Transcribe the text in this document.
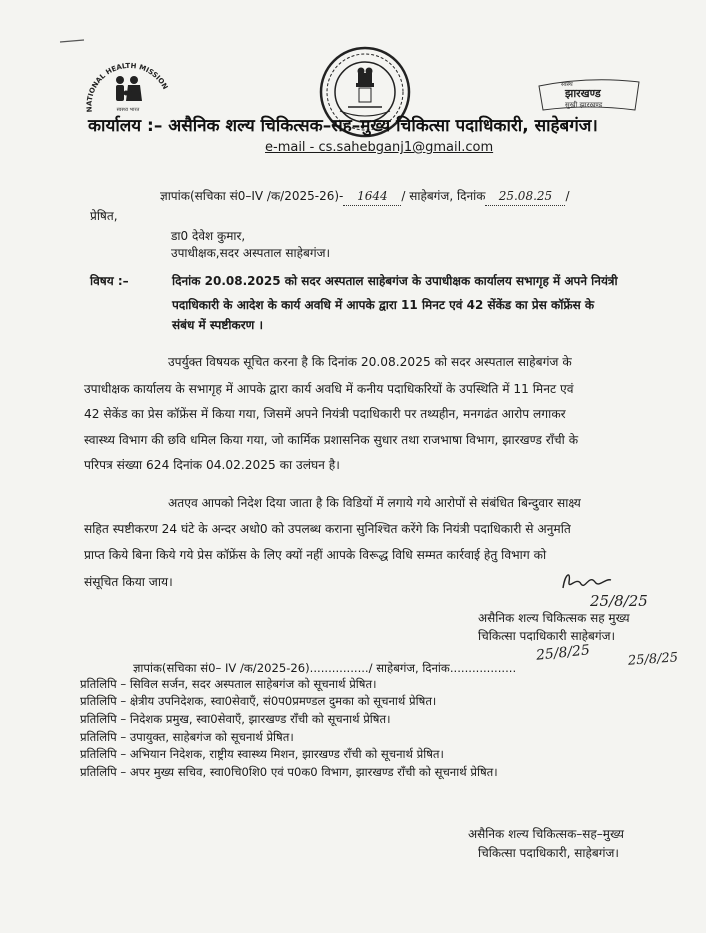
NATIONAL HEALTH MISSION
स्वस्थ्य भारत
स्वस्थ
झारखण्ड
सुखी झारखण्ड
कार्यालय :– असैनिक शल्य चिकित्सक–सह–मुख्य चिकित्सा पदाधिकारी, साहेबगंज।
e-mail - cs.sahebganj1@gmail.com
ज्ञापांक(सचिका सं0–IV /क/2025-26)- 1644 / साहेबगंज, दिनांक 25.08.25 /
प्रेषित,
डा0 देवेश कुमार,
उपाधीक्षक,सदर अस्पताल साहेबगंज।
विषय :–	दिनांक 20.08.2025 को सदर अस्पताल साहेबगंज के उपाधीक्षक कार्यालय सभागृह में अपने नियंत्री
पदाधिकारी के आदेश के कार्य अवधि में आपके द्वारा 11 मिनट एवं 42 सेंकेंड का प्रेस कॉफ्रेंस के
संबंध में स्पष्टीकरण ।
उपर्युक्त विषयक सूचित करना है कि दिनांक 20.08.2025 को सदर अस्पताल साहेबगंज के
उपाधीक्षक कार्यालय के सभागृह में आपके द्वारा कार्य अवधि में कनीय पदाधिकरियों के उपस्थिति में 11 मिनट एवं
42 सेकेंड का प्रेस कॉफ्रेंस में किया गया, जिसमें अपने नियंत्री पदाधिकारी पर तथ्यहीन, मनगढंत आरोप लगाकर
स्वास्थ्य विभाग की छवि धमिल किया गया, जो कार्मिक प्रशासनिक सुधार तथा राजभाषा विभाग, झारखण्ड राँची के
परिपत्र संख्या 624 दिनांक 04.02.2025 का उलंघन है।
अतएव आपको निदेश दिया जाता है कि विडियों में लगाये गये आरोपों से संबंधित बिन्दुवार साक्ष्य
सहित स्पष्टीकरण 24 घंटे के अन्दर अधो0 को उपलब्ध कराना सुनिश्चित करेंगे कि नियंत्री पदाधिकारी से अनुमति
प्राप्त किये बिना किये गये प्रेस कॉफ्रेंस के लिए क्यों नहीं आपके विरूद्ध विधि सम्मत कार्रवाई हेतु विभाग को
संसूचित किया जाय।
25/8/25
असैनिक शल्य चिकित्सक सह मुख्य
चिकित्सा पदाधिकारी साहेबगंज।
25/8/25	25/8/25
ज्ञापांक(सचिका सं0– IV /क/2025-26)................/ साहेबगंज, दिनांक..................
प्रतिलिपि – सिविल सर्जन, सदर अस्पताल साहेबगंज को सूचनार्थ प्रेषित।
प्रतिलिपि – क्षेत्रीय उपनिदेशक, स्वा0सेवाएँ, सं0प0प्रमण्डल दुमका को सूचनार्थ प्रेषित।
प्रतिलिपि – निदेशक प्रमुख, स्वा0सेवाएँ, झारखण्ड राँची को सूचनार्थ प्रेषित।
प्रतिलिपि – उपायुक्त, साहेबगंज को सूचनार्थ प्रेषित।
प्रतिलिपि – अभियान निदेशक, राष्ट्रीय स्वास्थ्य मिशन, झारखण्ड राँची को सूचनार्थ प्रेषित।
प्रतिलिपि – अपर मुख्य सचिव, स्वा0चि0शि0 एवं प0क0 विभाग, झारखण्ड राँची को सूचनार्थ प्रेषित।
असैनिक शल्य चिकित्सक–सह–मुख्य
चिकित्सा पदाधिकारी, साहेबगंज।
